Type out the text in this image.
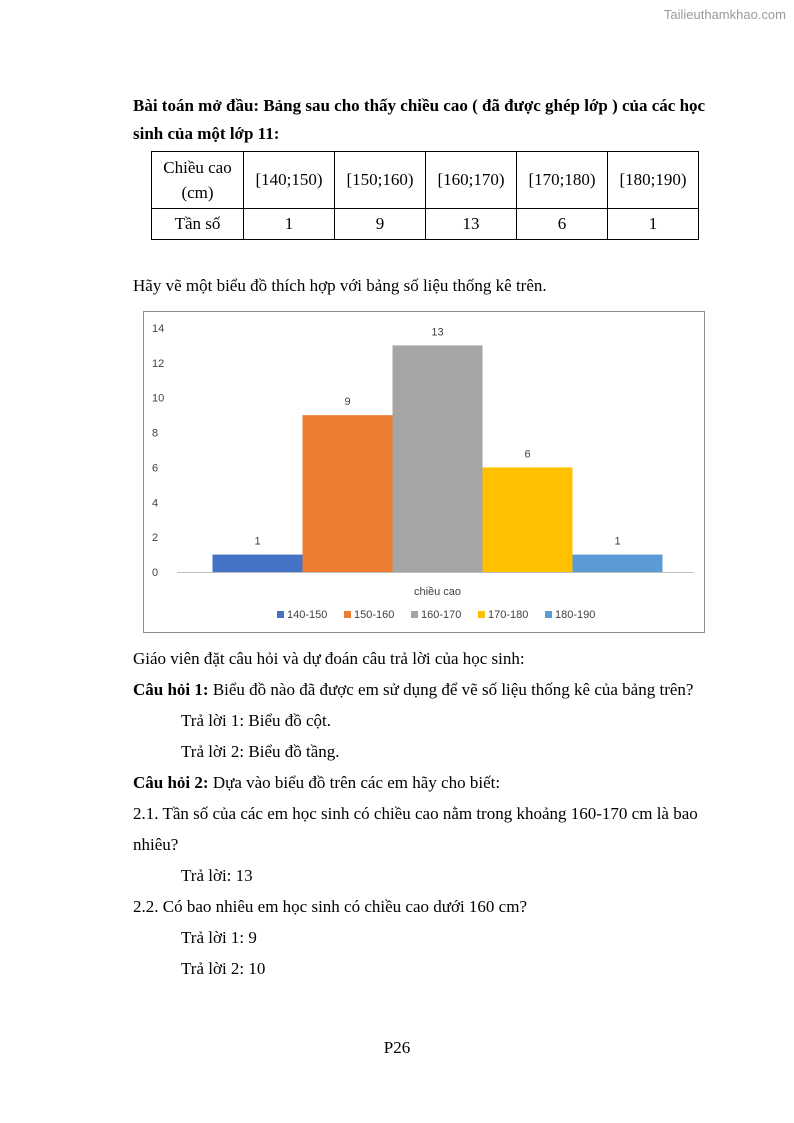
Tailieuthamkhao.com

Bài toán mở đầu: Bảng sau cho thấy chiều cao ( đã được ghép lớp ) của các học sinh của một lớp 11:

Chiều cao
(cm)	[140;150)	[150;160)	[160;170)	[170;180)	[180;190)
Tần số	1	9	13	6	1

Hãy vẽ một biểu đồ thích hợp với bảng số liệu thống kê trên.

0
2
4
6
8
10
12
14
1
9
13
6
1
chiều cao
140-150 150-160 160-170 170-180 180-190

Giáo viên đặt câu hỏi và dự đoán câu trả lời của học sinh:

Câu hỏi 1: Biểu đồ nào đã được em sử dụng để vẽ số liệu thống kê của bảng trên?

Trả lời 1: Biểu đồ cột.

Trả lời 2: Biểu đồ tầng.

Câu hỏi 2: Dựa vào biểu đồ trên các em hãy cho biết:

2.1. Tần số của các em học sinh có chiều cao nằm trong khoảng 160-170 cm là bao nhiêu?

Trả lời: 13

2.2. Có bao nhiêu em học sinh có chiều cao dưới 160 cm?

Trả lời 1: 9

Trả lời 2: 10

P26
